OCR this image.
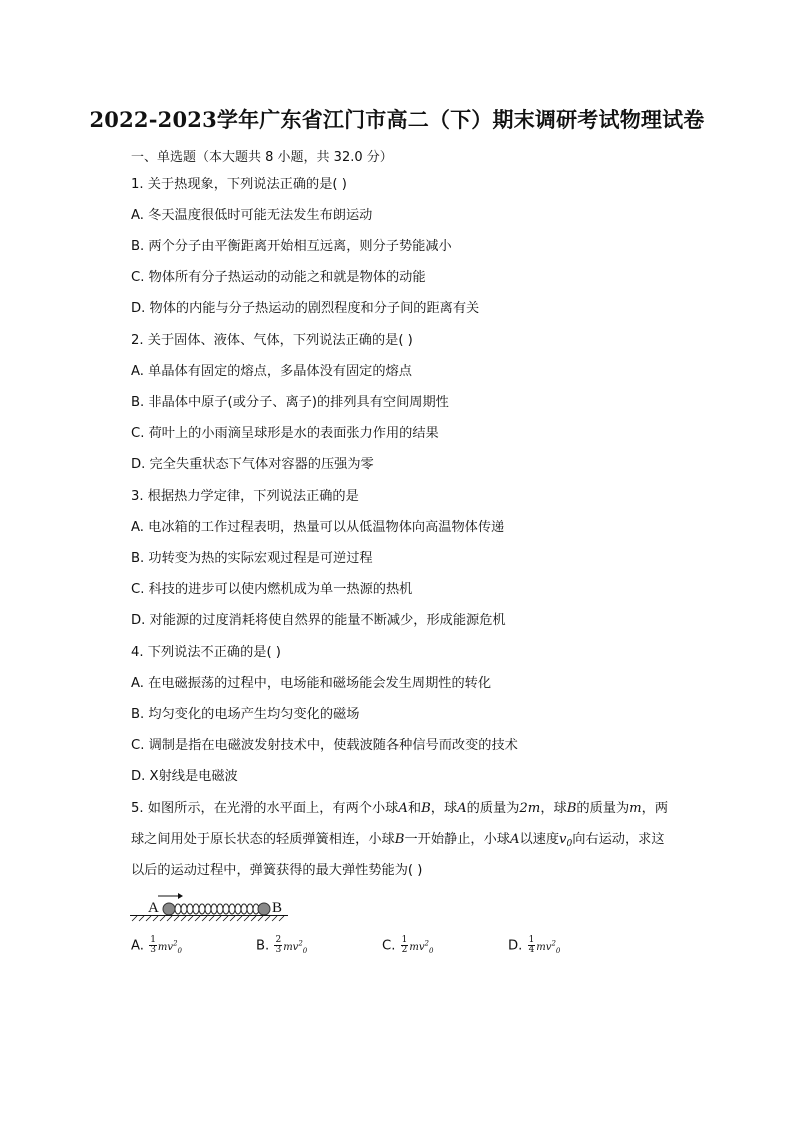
2022-2023学年广东省江门市高二（下）期末调研考试物理试卷
一、单选题（本大题共 8 小题，共 32.0 分）
1. 关于热现象，下列说法正确的是( )
A. 冬天温度很低时可能无法发生布朗运动
B. 两个分子由平衡距离开始相互远离，则分子势能减小
C. 物体所有分子热运动的动能之和就是物体的动能
D. 物体的内能与分子热运动的剧烈程度和分子间的距离有关
2. 关于固体、液体、气体，下列说法正确的是( )
A. 单晶体有固定的熔点，多晶体没有固定的熔点
B. 非晶体中原子(或分子、离子)的排列具有空间周期性
C. 荷叶上的小雨滴呈球形是水的表面张力作用的结果
D. 完全失重状态下气体对容器的压强为零
3. 根据热力学定律，下列说法正确的是
A. 电冰箱的工作过程表明，热量可以从低温物体向高温物体传递
B. 功转变为热的实际宏观过程是可逆过程
C. 科技的进步可以使内燃机成为单一热源的热机
D. 对能源的过度消耗将使自然界的能量不断减少，形成能源危机
4. 下列说法不正确的是( )
A. 在电磁振荡的过程中，电场能和磁场能会发生周期性的转化
B. 均匀变化的电场产生均匀变化的磁场
C. 调制是指在电磁波发射技术中，使载波随各种信号而改变的技术
D. X射线是电磁波
5. 如图所示，在光滑的水平面上，有两个小球A和B，球A的质量为2m，球B的质量为m，两
球之间用处于原长状态的轻质弹簧相连，小球B一开始静止，小球A以速度$v_0$向右运动，求这
以后的运动过程中，弹簧获得的最大弹性势能为( )
A	B
A. $\frac{1}{3} mv^2_0$	B. $\frac{2}{3} mv^2_0$	C. $\frac{1}{2} mv^2_0$	D. $\frac{1}{4} mv^2_0$
